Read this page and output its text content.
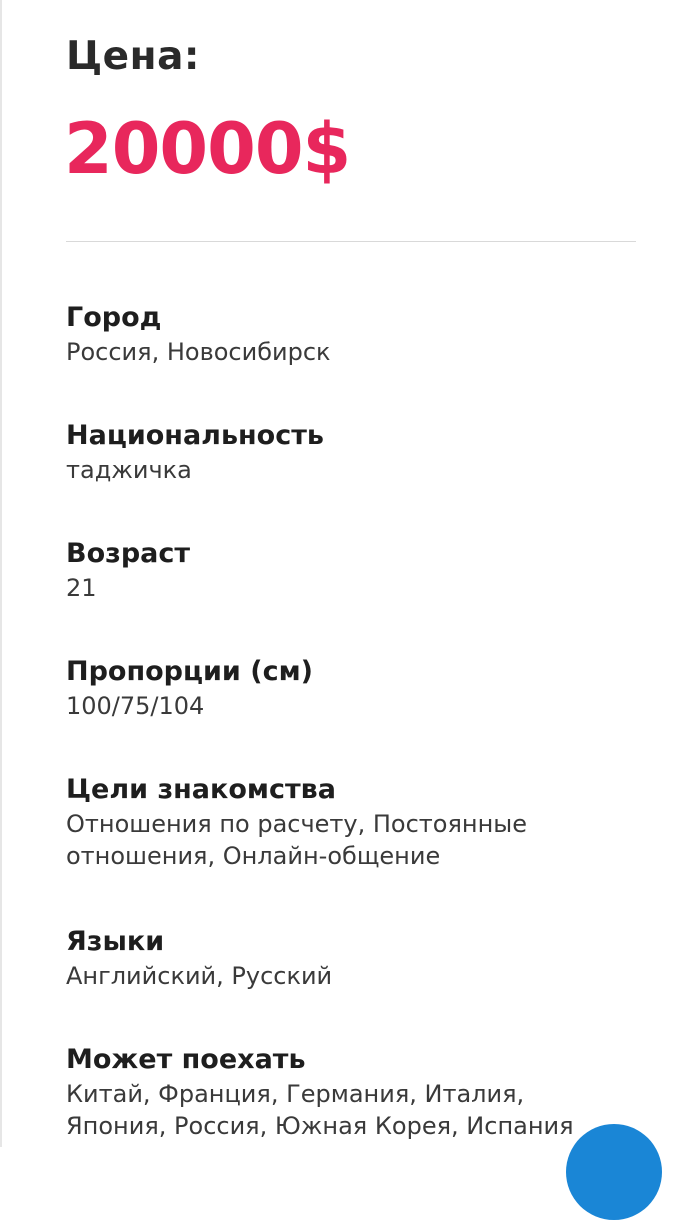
Цена:
20000$
Город
Россия, Новосибирск
Национальность
таджичка
Возраст
21
Пропорции (см)
100/75/104
Цели знакомства
Отношения по расчету, Постоянные отношения, Онлайн-общение
Языки
Английский, Русский
Может поехать
Китай, Франция, Германия, Италия, Япония, Россия, Южная Корея, Испания
